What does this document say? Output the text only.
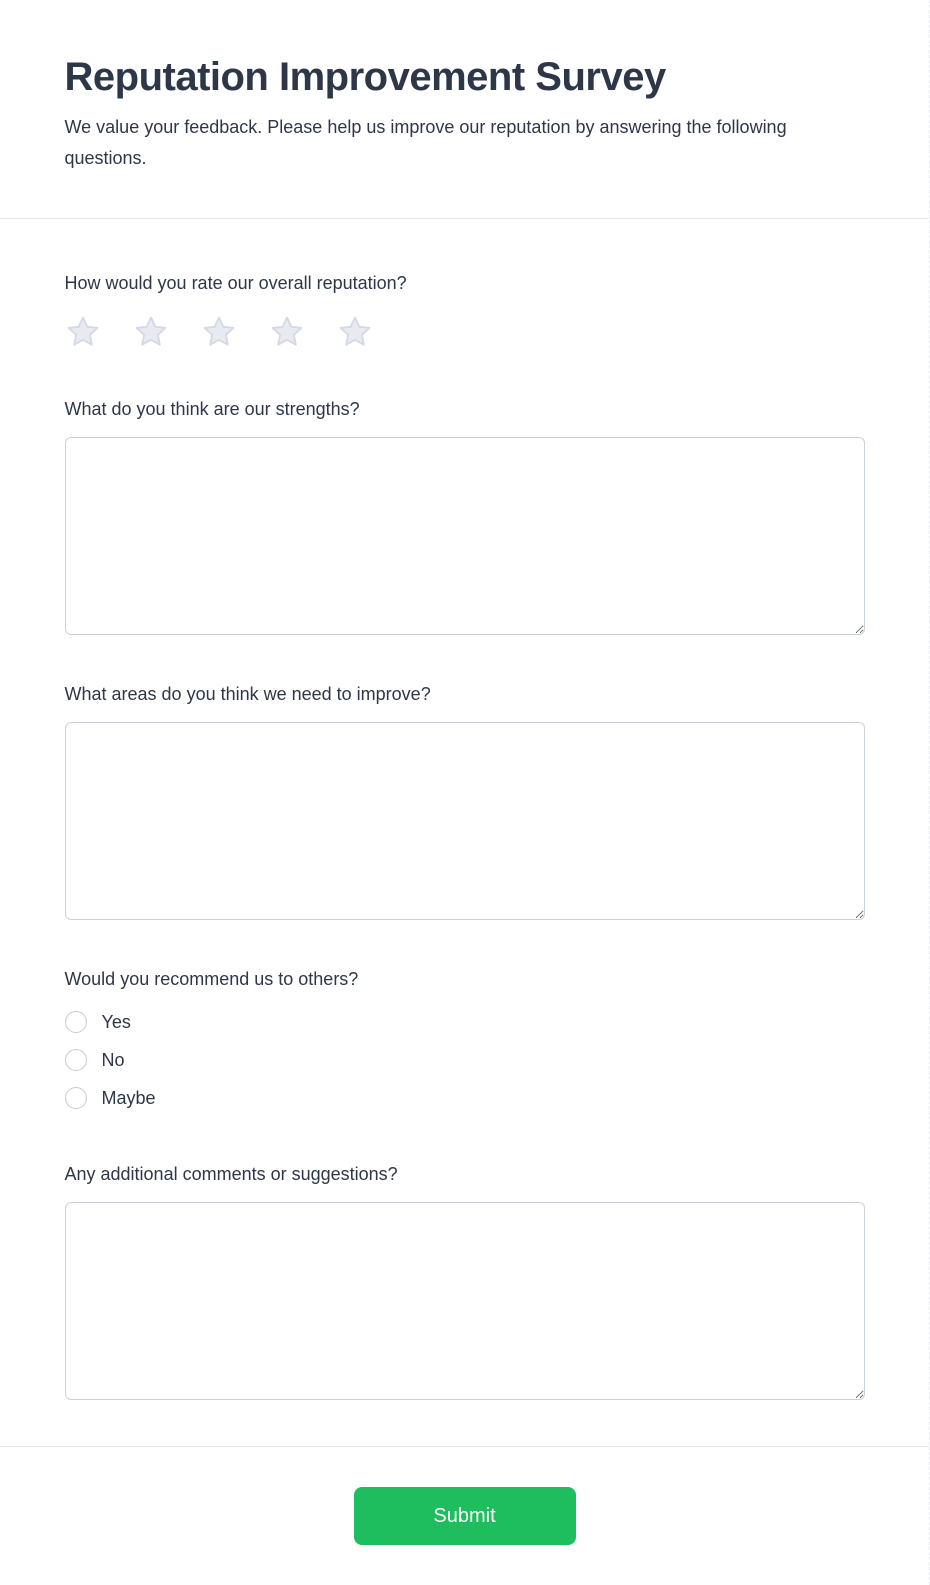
Reputation Improvement Survey

We value your feedback. Please help us improve our reputation by answering the following questions.

How would you rate our overall reputation?
What do you think are our strengths?
What areas do you think we need to improve?
Would you recommend us to others?
Yes
No
Maybe
Any additional comments or suggestions?
Submit
